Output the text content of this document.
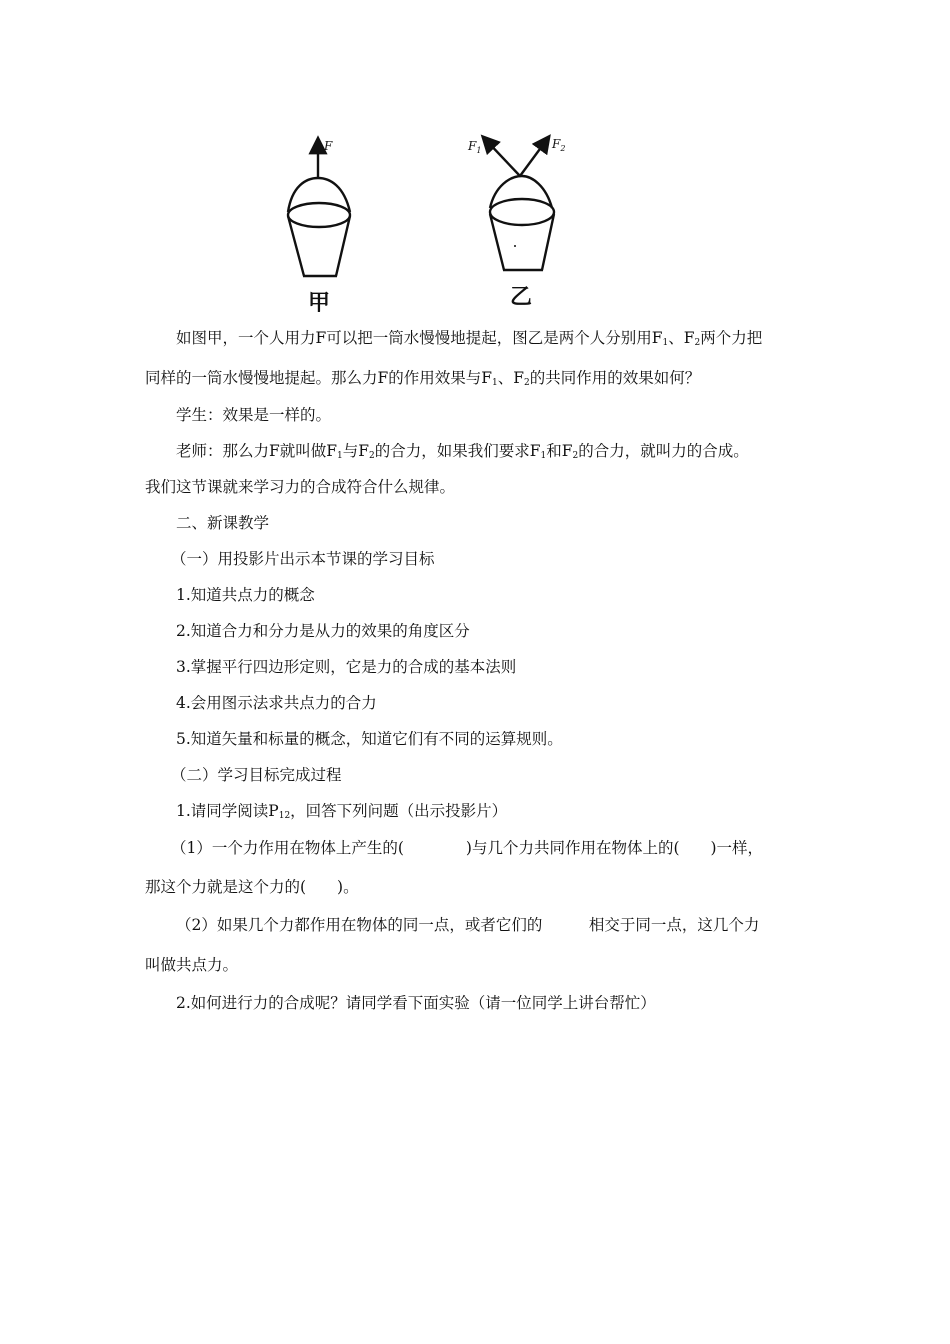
F
甲
$F_1$	$F_2$
乙
如图甲，一个人用力F可以把一筒水慢慢地提起，图乙是两个人分别用$F_1$、$F_2$两个力把
同样的一筒水慢慢地提起。那么力F的作用效果与$F_1$、$F_2$的共同作用的效果如何？
学生：效果是一样的。
老师：那么力F就叫做$F_1$与$F_2$的合力，如果我们要求$F_1$和$F_2$的合力，就叫力的合成。
我们这节课就来学习力的合成符合什么规律。
二、新课教学
（一）用投影片出示本节课的学习目标
1.知道共点力的概念
2.知道合力和分力是从力的效果的角度区分
3.掌握平行四边形定则，它是力的合成的基本法则
4.会用图示法求共点力的合力
5.知道矢量和标量的概念，知道它们有不同的运算规则。
（二）学习目标完成过程
1.请同学阅读$P_{12}$，回答下列问题（出示投影片）
（1）一个力作用在物体上产生的(　　　　)与几个力共同作用在物体上的(　　)一样，
那这个力就是这个力的(　　)。
（2）如果几个力都作用在物体的同一点，或者它们的　　　相交于同一点，这几个力
叫做共点力。
2.如何进行力的合成呢？请同学看下面实验（请一位同学上讲台帮忙）
